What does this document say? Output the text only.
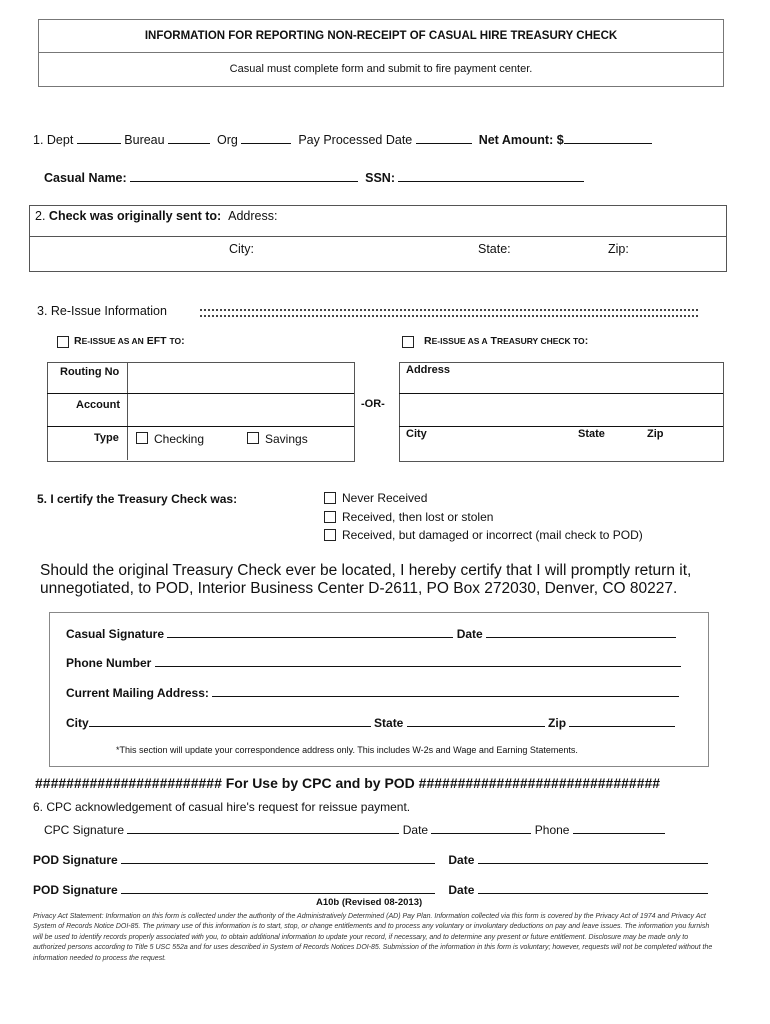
INFORMATION FOR REPORTING NON-RECEIPT OF CASUAL HIRE TREASURY CHECK
Casual must complete form and submit to fire payment center.
1. Dept	Bureau	Org	Pay Processed Date	Net Amount: $
Casual Name:	SSN:
2. Check was originally sent to: Address:
City:	State:	Zip:
3. Re-Issue Information
RE-ISSUE AS AN EFT TO:	RE-ISSUE AS A TREASURY CHECK TO:
Routing No
Account
Type	Checking	Savings
-OR-
Address
City	State	Zip
5. I certify the Treasury Check was:	Never Received
Received, then lost or stolen
Received, but damaged or incorrect (mail check to POD)
Should the original Treasury Check ever be located, I hereby certify that I will promptly return it,
unnegotiated, to POD, Interior Business Center D-2611, PO Box 272030, Denver, CO 80227.
Casual Signature	Date
Phone Number
Current Mailing Address:
City	State	Zip
*This section will update your correspondence address only. This includes W-2s and Wage and Earning Statements.
######################## For Use by CPC and by POD ###############################
6. CPC acknowledgement of casual hire's request for reissue payment.
CPC Signature	Date	Phone
POD Signature	Date
POD Signature	Date
A10b (Revised 08-2013)
Privacy Act Statement: Information on this form is collected under the authority of the Administratively Determined (AD) Pay Plan. Information collected via this form is covered by the Privacy Act of 1974 and Privacy Act System of Records Notice DOI-85. The primary use of this information is to start, stop, or change entitlements and to process any voluntary or involuntary deductions on pay and leave issues. The information you furnish will be used to identify records properly associated with you, to obtain additional information to update your record, if necessary, and to determine any present or future entitlement. Disclosure may be made only to authorized persons according to Title 5 USC 552a and for uses described in System of Records Notices DOI-85. Submission of the information in this form is voluntary; however, requests will not be completed without the information needed to process the request.
